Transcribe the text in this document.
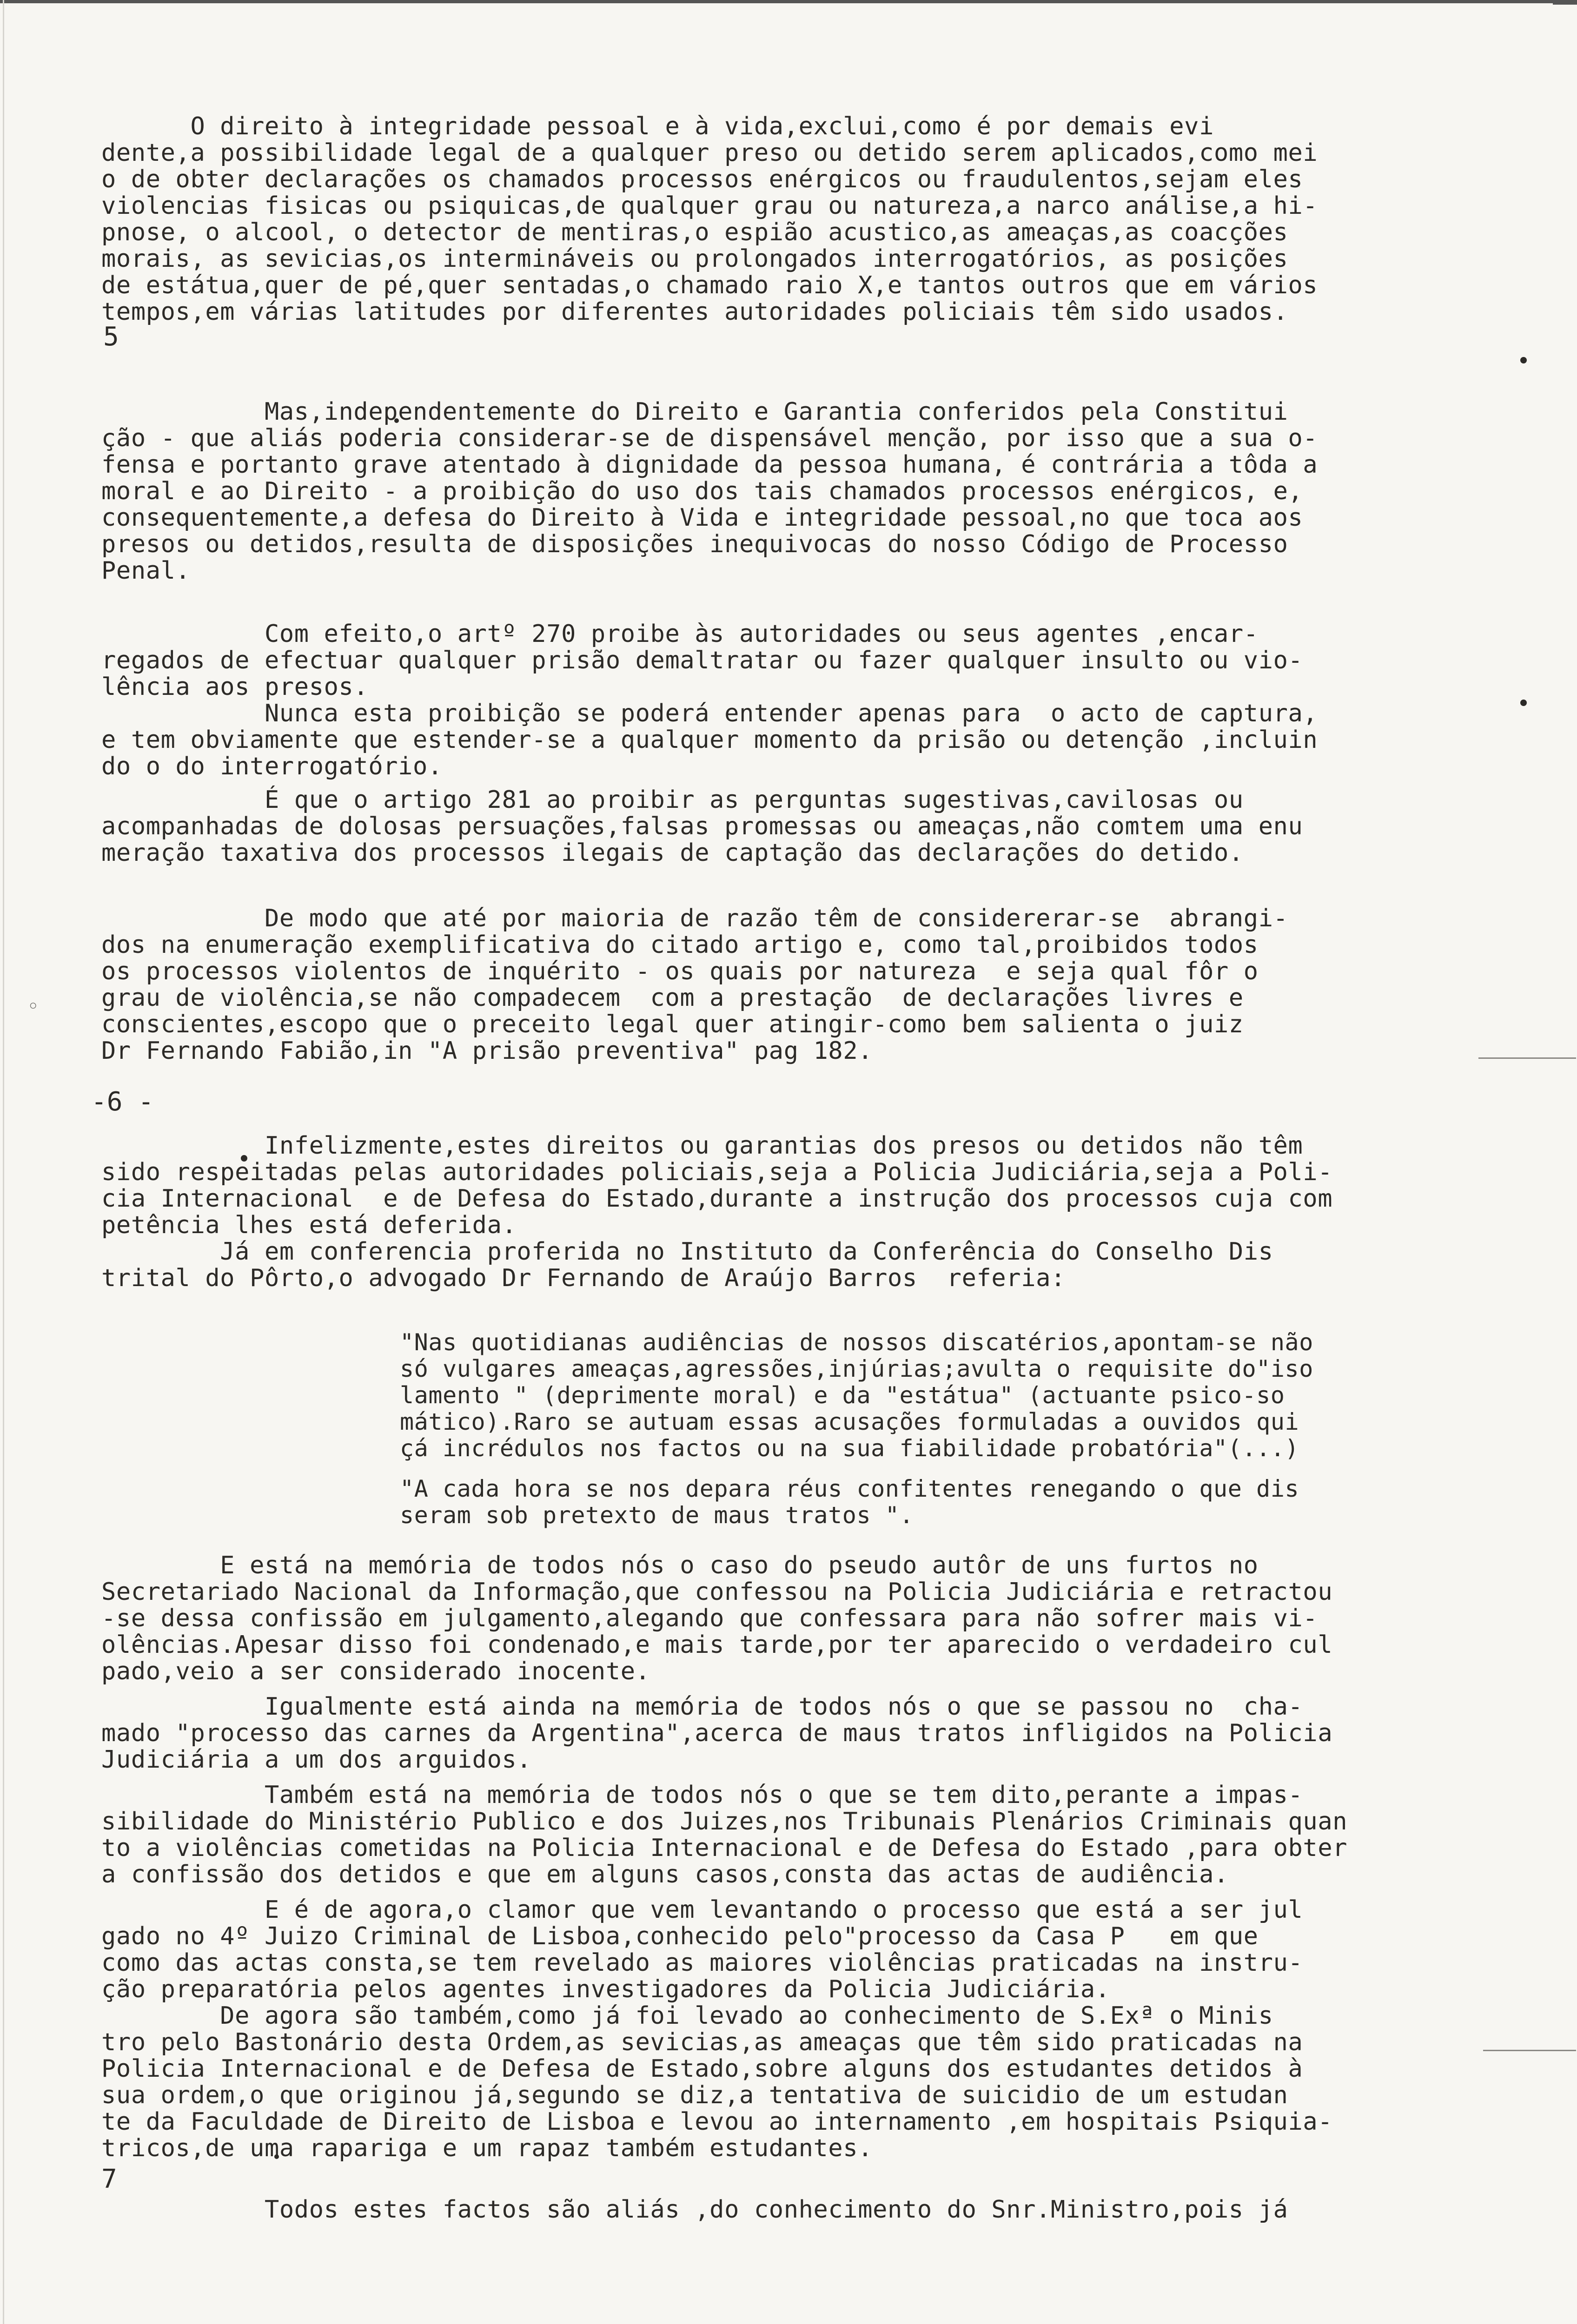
◦
O direito à integridade pessoal e à vida,exclui,como é por demais evi
dente,a possibilidade legal de a qualquer preso ou detido serem aplicados,como mei
o de obter declarações os chamados processos enérgicos ou fraudulentos,sejam eles
violencias fisicas ou psiquicas,de qualquer grau ou natureza,a narco análise,a hi-
pnose, o alcool, o detector de mentiras,o espião acustico,as ameaças,as coacções
morais, as sevicias,os intermináveis ou prolongados interrogatórios, as posições
de estátua,quer de pé,quer sentadas,o chamado raio X,e tantos outros que em vários
tempos,em várias latitudes por diferentes autoridades policiais têm sido usados.
5
Mas,independentemente do Direito e Garantia conferidos pela Constitui
ção - que aliás poderia considerar-se de dispensável menção, por isso que a sua o-
fensa e portanto grave atentado à dignidade da pessoa humana, é contrária a tôda a
moral e ao Direito - a proibição do uso dos tais chamados processos enérgicos, e,
consequentemente,a defesa do Direito à Vida e integridade pessoal,no que toca aos
presos ou detidos,resulta de disposições inequivocas do nosso Código de Processo
Penal.
Com efeito,o artº 270 proibe às autoridades ou seus agentes ,encar-
regados de efectuar qualquer prisão demaltratar ou fazer qualquer insulto ou vio-
lência aos presos.
Nunca esta proibição se poderá entender apenas para  o acto de captura,
e tem obviamente que estender-se a qualquer momento da prisão ou detenção ,incluin
do o do interrogatório.
É que o artigo 281 ao proibir as perguntas sugestivas,cavilosas ou
acompanhadas de dolosas persuações,falsas promessas ou ameaças,não comtem uma enu
meração taxativa dos processos ilegais de captação das declarações do detido.
De modo que até por maioria de razão têm de considererar-se  abrangi-
dos na enumeração exemplificativa do citado artigo e, como tal,proibidos todos
os processos violentos de inquérito - os quais por natureza  e seja qual fôr o
grau de violência,se não compadecem  com a prestação  de declarações livres e
conscientes,escopo que o preceito legal quer atingir-como bem salienta o juiz
Dr Fernando Fabião,in "A prisão preventiva" pag 182.
-6 -
Infelizmente,estes direitos ou garantias dos presos ou detidos não têm
sido respeitadas pelas autoridades policiais,seja a Policia Judiciária,seja a Poli-
cia Internacional  e de Defesa do Estado,durante a instrução dos processos cuja com
petência lhes está deferida.
Já em conferencia proferida no Instituto da Conferência do Conselho Dis
trital do Pôrto,o advogado Dr Fernando de Araújo Barros  referia:
"Nas quotidianas audiências de nossos discatérios,apontam-se não
só vulgares ameaças,agressões,injúrias;avulta o requisite do"iso
lamento " (deprimente moral) e da "estátua" (actuante psico-so
mático).Raro se autuam essas acusações formuladas a ouvidos qui
çá incrédulos nos factos ou na sua fiabilidade probatória"(...)
"A cada hora se nos depara réus confitentes renegando o que dis
seram sob pretexto de maus tratos ".
E está na memória de todos nós o caso do pseudo autôr de uns furtos no
Secretariado Nacional da Informação,que confessou na Policia Judiciária e retractou
-se dessa confissão em julgamento,alegando que confessara para não sofrer mais vi-
olências.Apesar disso foi condenado,e mais tarde,por ter aparecido o verdadeiro cul
pado,veio a ser considerado inocente.
Igualmente está ainda na memória de todos nós o que se passou no  cha-
mado "processo das carnes da Argentina",acerca de maus tratos infligidos na Policia
Judiciária a um dos arguidos.
Também está na memória de todos nós o que se tem dito,perante a impas-
sibilidade do Ministério Publico e dos Juizes,nos Tribunais Plenários Criminais quan
to a violências cometidas na Policia Internacional e de Defesa do Estado ,para obter
a confissão dos detidos e que em alguns casos,consta das actas de audiência.
E é de agora,o clamor que vem levantando o processo que está a ser jul
gado no 4º Juizo Criminal de Lisboa,conhecido pelo"processo da Casa P   em que
como das actas consta,se tem revelado as maiores violências praticadas na instru-
ção preparatória pelos agentes investigadores da Policia Judiciária.
De agora são também,como já foi levado ao conhecimento de S.Exª o Minis
tro pelo Bastonário desta Ordem,as sevicias,as ameaças que têm sido praticadas na
Policia Internacional e de Defesa de Estado,sobre alguns dos estudantes detidos à
sua ordem,o que originou já,segundo se diz,a tentativa de suicidio de um estudan
te da Faculdade de Direito de Lisboa e levou ao internamento ,em hospitais Psiquia-
tricos,de uma rapariga e um rapaz também estudantes.
7
Todos estes factos são aliás ,do conhecimento do Snr.Ministro,pois já
